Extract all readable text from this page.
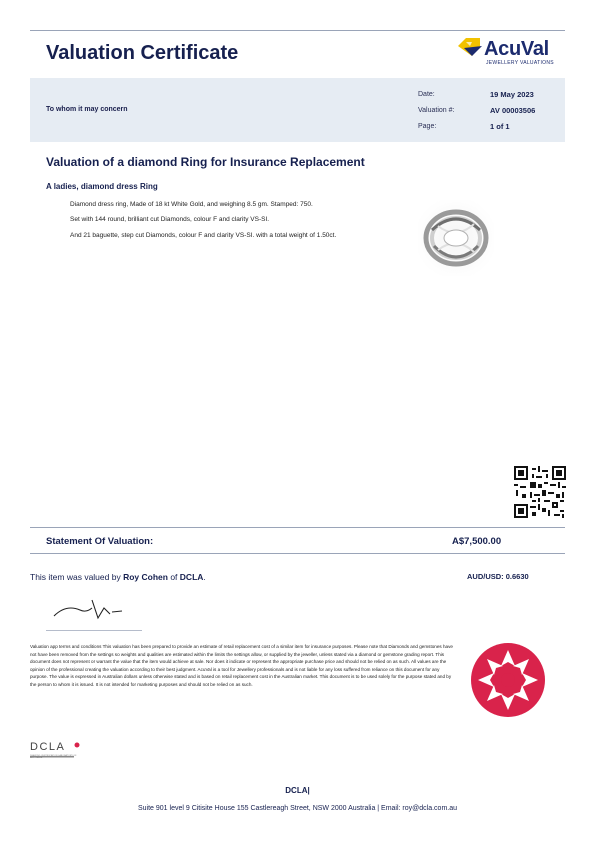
Valuation Certificate	AcuVal
JEWELLERY VALUATIONS
To whom it may concern
Date:	19 May 2023
Valuation #:	AV 00003506
Page:	1 of 1
Valuation of a diamond Ring for Insurance Replacement
A ladies, diamond dress Ring
Diamond dress ring, Made of 18 kt White Gold, and weighing 8.5 gm. Stamped: 750.
Set with 144 round, brilliant cut Diamonds, colour F and clarity VS-SI.
And 21 baguette, step cut Diamonds, colour F and clarity VS-SI. with a total weight of 1.50ct.
Statement Of Valuation:	A$7,500.00
This item was valued by Roy Cohen of DCLA.	AUD/USD: 0.6630
Valuation app terms and conditions This valuation has been prepared to provide an estimate of retail replacement cost of a similar item for insurance purposes. Please note that Diamonds and gemstones have not have been removed from the settings so weights and qualities are estimated within the limits the settings allow, or supplied by the jeweller, unless stated via a diamond or gemstone grading report. This document does not represent or warrant the value that the item would achieve at sale. Nor does it indicate or represent the appropriate purchase price and should not be relied on as such. All values are the opinion of the professional creating the valuation according to their best judgment. AcuVal is a tool for Jewellery professionals and is not liable for any loss suffered from reliance on this document for any purpose. The value is expressed in Australian dollars unless otherwise stated and is based on retail replacement cost in the Australian market. This document is to be used solely for the purpose stated and by the person to whom it is issued. It is not intended for marketing purposes and should not be relied on as such.
DCLA
DIAMOND CERTIFICATION LABORATORY OF AUSTRALIA
DCLA|
Suite 901 level 9 Citisite House 155 Castlereagh Street, NSW 2000 Australia | Email: roy@dcla.com.au
